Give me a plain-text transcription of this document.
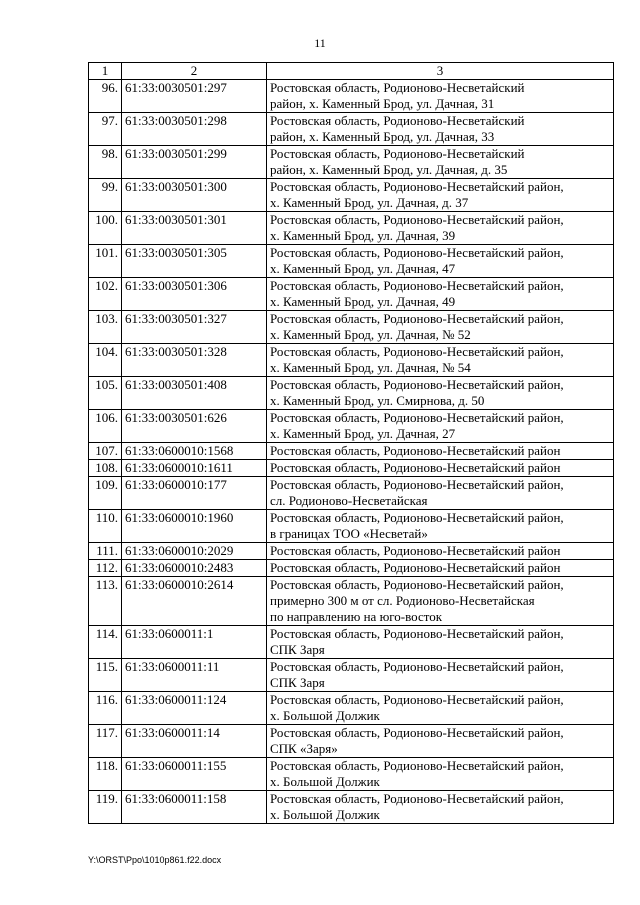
11
1	2	3
96.	61:33:0030501:297	Ростовская область, Родионово-Несветайский
район, х. Каменный Брод, ул. Дачная, 31
97.	61:33:0030501:298	Ростовская область, Родионово-Несветайский
район, х. Каменный Брод, ул. Дачная, 33
98.	61:33:0030501:299	Ростовская область, Родионово-Несветайский
район, х. Каменный Брод, ул. Дачная, д. 35
99.	61:33:0030501:300	Ростовская область, Родионово-Несветайский район,
х. Каменный Брод, ул. Дачная, д. 37
100.	61:33:0030501:301	Ростовская область, Родионово-Несветайский район,
х. Каменный Брод, ул. Дачная, 39
101.	61:33:0030501:305	Ростовская область, Родионово-Несветайский район,
х. Каменный Брод, ул. Дачная, 47
102.	61:33:0030501:306	Ростовская область, Родионово-Несветайский район,
х. Каменный Брод, ул. Дачная, 49
103.	61:33:0030501:327	Ростовская область, Родионово-Несветайский район,
х. Каменный Брод, ул. Дачная, № 52
104.	61:33:0030501:328	Ростовская область, Родионово-Несветайский район,
х. Каменный Брод, ул. Дачная, № 54
105.	61:33:0030501:408	Ростовская область, Родионово-Несветайский район,
х. Каменный Брод, ул. Смирнова, д. 50
106.	61:33:0030501:626	Ростовская область, Родионово-Несветайский район,
х. Каменный Брод, ул. Дачная, 27
107.	61:33:0600010:1568	Ростовская область, Родионово-Несветайский район
108.	61:33:0600010:1611	Ростовская область, Родионово-Несветайский район
109.	61:33:0600010:177	Ростовская область, Родионово-Несветайский район,
сл. Родионово-Несветайская
110.	61:33:0600010:1960	Ростовская область, Родионово-Несветайский район,
в границах ТОО «Несветай»
111.	61:33:0600010:2029	Ростовская область, Родионово-Несветайский район
112.	61:33:0600010:2483	Ростовская область, Родионово-Несветайский район
113.	61:33:0600010:2614	Ростовская область, Родионово-Несветайский район,
примерно 300 м от сл. Родионово-Несветайская
по направлению на юго-восток
114.	61:33:0600011:1	Ростовская область, Родионово-Несветайский район,
СПК Заря
115.	61:33:0600011:11	Ростовская область, Родионово-Несветайский район,
СПК Заря
116.	61:33:0600011:124	Ростовская область, Родионово-Несветайский район,
х. Большой Должик
117.	61:33:0600011:14	Ростовская область, Родионово-Несветайский район,
СПК «Заря»
118.	61:33:0600011:155	Ростовская область, Родионово-Несветайский район,
х. Большой Должик
119.	61:33:0600011:158	Ростовская область, Родионово-Несветайский район,
х. Большой Должик
Y:\ORST\Ppo\1010p861.f22.docx
